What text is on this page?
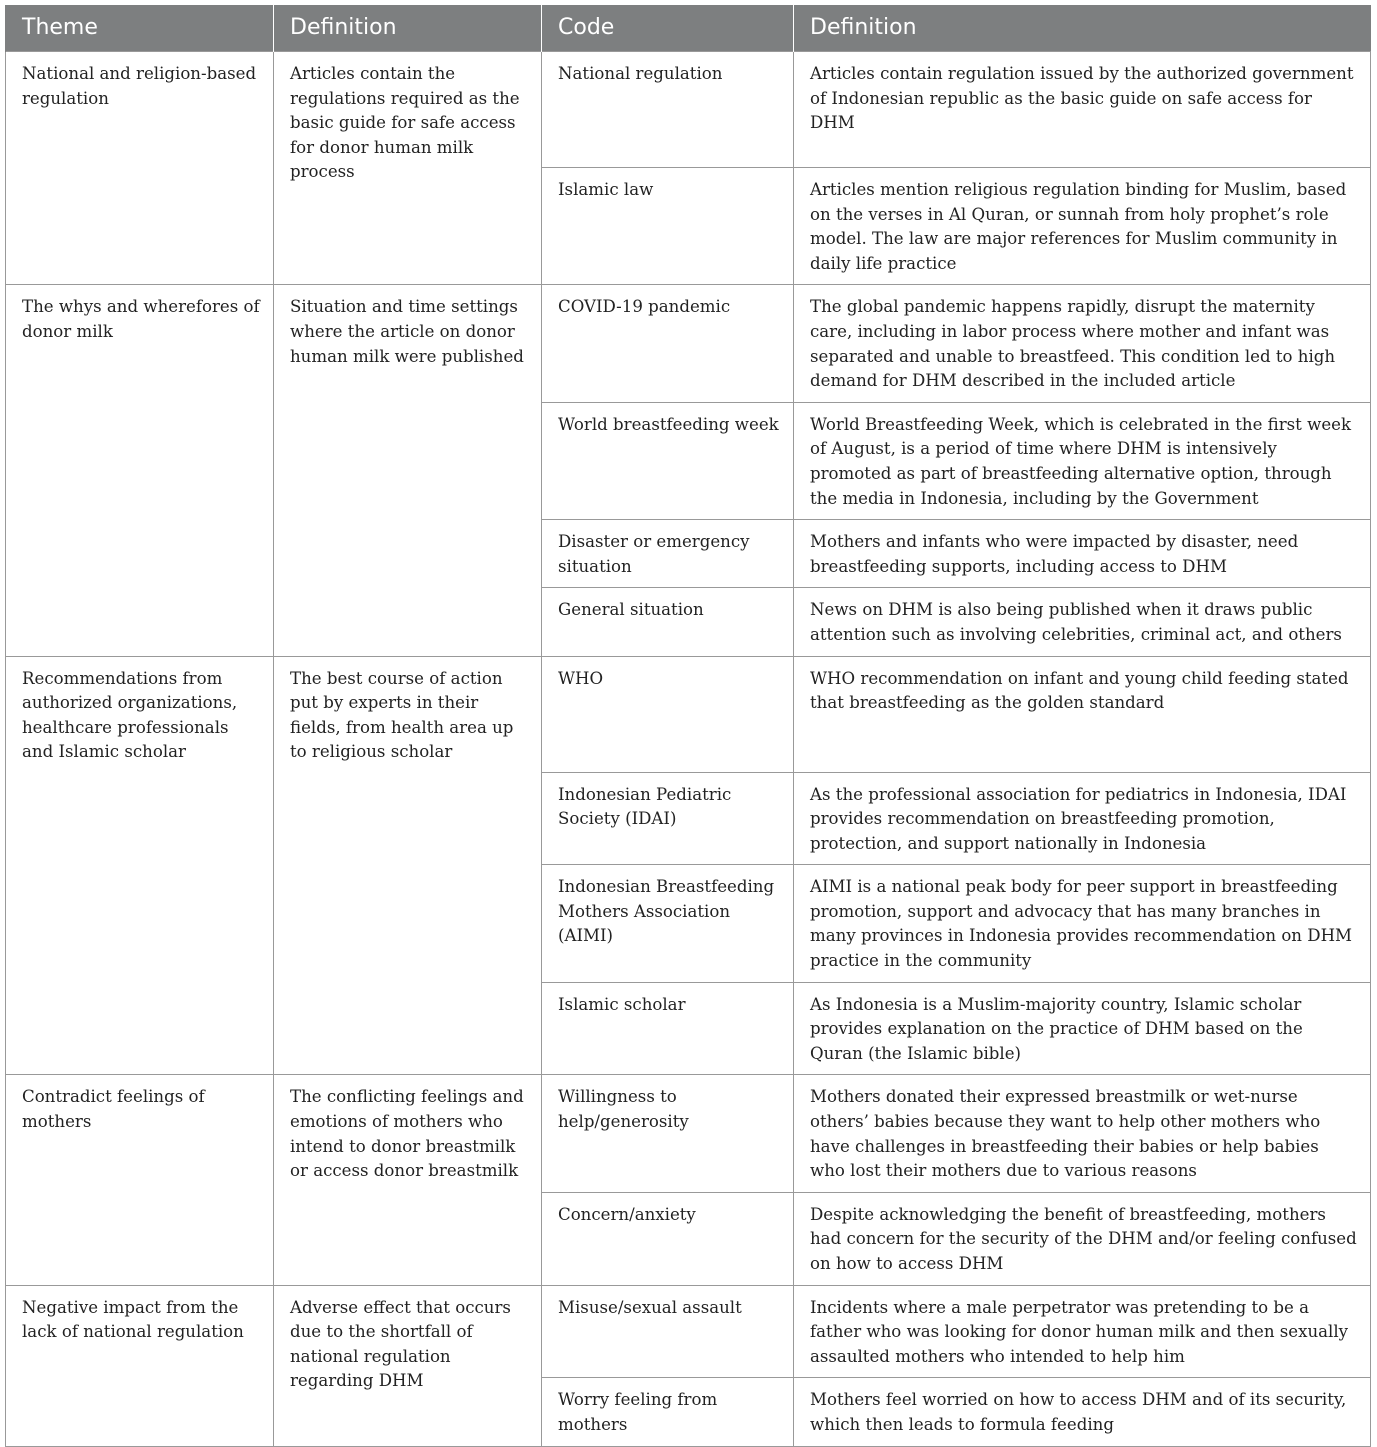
Theme	Definition	Code	Definition
National and religion-based regulation	Articles contain the regulations required as the basic guide for safe access for donor human milk process	National regulation	Articles contain regulation issued by the authorized government of Indonesian republic as the basic guide on safe access for DHM
		Islamic law	Articles mention religious regulation binding for Muslim, based on the verses in Al Quran, or sunnah from holy prophet’s role model. The law are major references for Muslim community in daily life practice
The whys and wherefores of donor milk	Situation and time settings where the article on donor human milk were published	COVID-19 pandemic	The global pandemic happens rapidly, disrupt the maternity care, including in labor process where mother and infant was separated and unable to breastfeed. This condition led to high demand for DHM described in the included article
		World breastfeeding week	World Breastfeeding Week, which is celebrated in the first week of August, is a period of time where DHM is intensively promoted as part of breastfeeding alternative option, through the media in Indonesia, including by the Government
		Disaster or emergency situation	Mothers and infants who were impacted by disaster, need breastfeeding supports, including access to DHM
		General situation	News on DHM is also being published when it draws public attention such as involving celebrities, criminal act, and others
Recommendations from authorized organizations, healthcare professionals and Islamic scholar	The best course of action put by experts in their fields, from health area up to religious scholar	WHO	WHO recommendation on infant and young child feeding stated that breastfeeding as the golden standard
		Indonesian Pediatric Society (IDAI)	As the professional association for pediatrics in Indonesia, IDAI provides recommendation on breastfeeding promotion, protection, and support nationally in Indonesia
		Indonesian Breastfeeding Mothers Association (AIMI)	AIMI is a national peak body for peer support in breastfeeding promotion, support and advocacy that has many branches in many provinces in Indonesia provides recommendation on DHM practice in the community
		Islamic scholar	As Indonesia is a Muslim-majority country, Islamic scholar provides explanation on the practice of DHM based on the Quran (the Islamic bible)
Contradict feelings of mothers	The conflicting feelings and emotions of mothers who intend to donor breastmilk or access donor breastmilk	Willingness to help/generosity	Mothers donated their expressed breastmilk or wet-nurse others’ babies because they want to help other mothers who have challenges in breastfeeding their babies or help babies who lost their mothers due to various reasons
		Concern/anxiety	Despite acknowledging the benefit of breastfeeding, mothers had concern for the security of the DHM and/or feeling confused on how to access DHM
Negative impact from the lack of national regulation	Adverse effect that occurs due to the shortfall of national regulation regarding DHM	Misuse/sexual assault	Incidents where a male perpetrator was pretending to be a father who was looking for donor human milk and then sexually assaulted mothers who intended to help him
		Worry feeling from mothers	Mothers feel worried on how to access DHM and of its security, which then leads to formula feeding
